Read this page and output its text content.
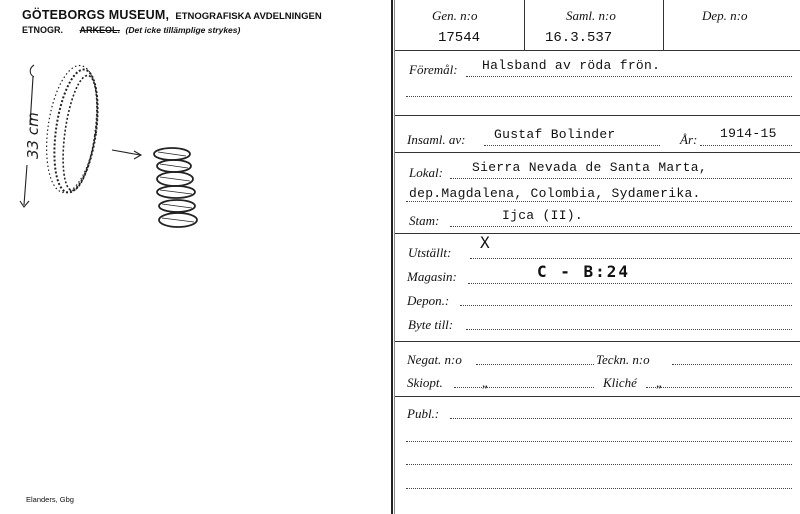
GÖTEBORGS MUSEUM, ETNOGRAFISKA AVDELNINGEN
ETNOGR. ARKEOL. (Det icke tillämplige strykes)
33 cm
Elanders, Gbg
Gen. n:o
17544
Saml. n:o
16.3.537
Dep. n:o
Föremål: Halsband av röda frön.
Insaml. av: Gustaf Bolinder	År: 1914-15
Lokal: Sierra Nevada de Santa Marta,
dep.Magdalena, Colombia, Sydamerika.
Stam:	Ijca (II).
Utställt:
X
Magasin:	C - B:24
Depon.:
Byte till:
Negat. n:o	Teckn. n:o
Skiopt.	„	Kliché „
Publ.:
